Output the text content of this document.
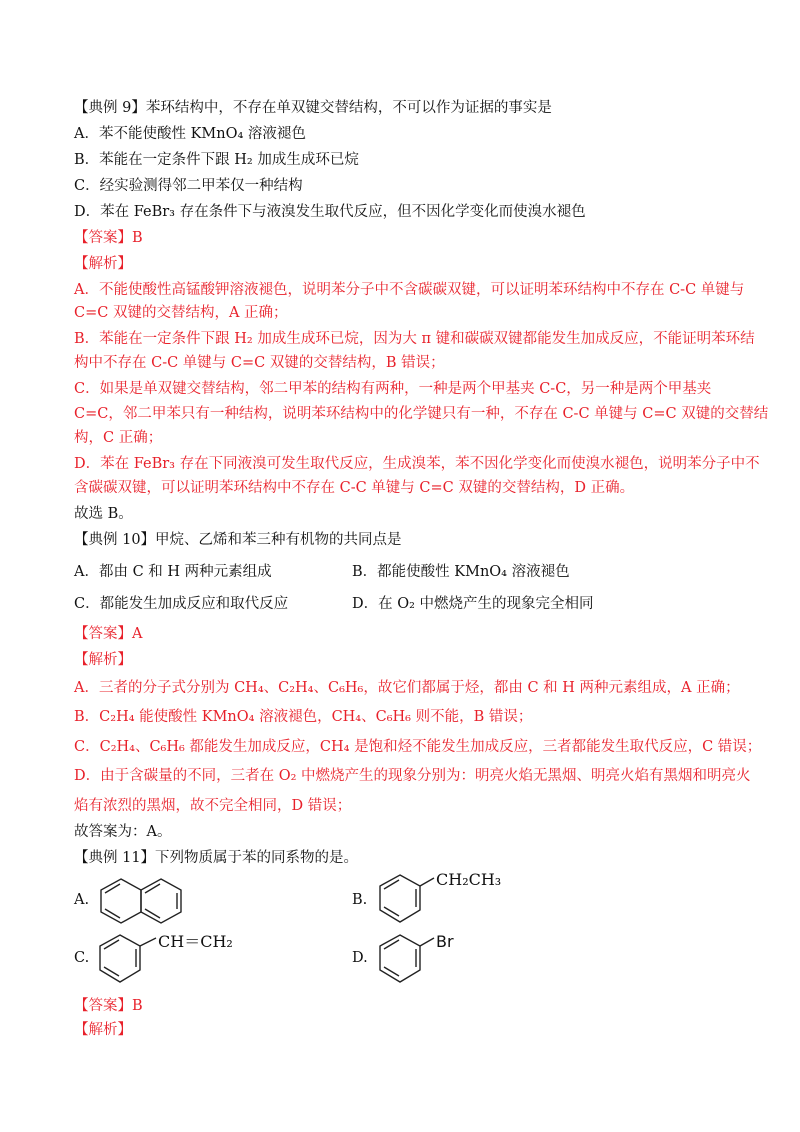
【典例 9】苯环结构中，不存在单双键交替结构，不可以作为证据的事实是
A．苯不能使酸性 KMnO₄ 溶液褪色
B．苯能在一定条件下跟 H₂ 加成生成环已烷
C．经实验测得邻二甲苯仅一种结构
D．苯在 FeBr₃ 存在条件下与液溴发生取代反应，但不因化学变化而使溴水褪色
【答案】B
【解析】
A．不能使酸性高锰酸钾溶液褪色，说明苯分子中不含碳碳双键，可以证明苯环结构中不存在 C-C 单键与
C=C 双键的交替结构，A 正确；
B．苯能在一定条件下跟 H₂ 加成生成环已烷，因为大 π 键和碳碳双键都能发生加成反应，不能证明苯环结
构中不存在 C-C 单键与 C=C 双键的交替结构，B 错误；
C．如果是单双键交替结构，邻二甲苯的结构有两种，一种是两个甲基夹 C-C，另一种是两个甲基夹
C=C，邻二甲苯只有一种结构，说明苯环结构中的化学键只有一种，不存在 C-C 单键与 C=C 双键的交替结
构，C 正确；
D．苯在 FeBr₃ 存在下同液溴可发生取代反应，生成溴苯，苯不因化学变化而使溴水褪色，说明苯分子中不
含碳碳双键，可以证明苯环结构中不存在 C-C 单键与 C=C 双键的交替结构，D 正确。
故选 B。
【典例 10】甲烷、乙烯和苯三种有机物的共同点是
A．都由 C 和 H 两种元素组成	B．都能使酸性 KMnO₄ 溶液褪色
C．都能发生加成反应和取代反应	D．在 O₂ 中燃烧产生的现象完全相同
【答案】A
【解析】
A．三者的分子式分别为 CH₄、C₂H₄、C₆H₆，故它们都属于烃，都由 C 和 H 两种元素组成，A 正确；
B．C₂H₄ 能使酸性 KMnO₄ 溶液褪色，CH₄、C₆H₆ 则不能，B 错误；
C．C₂H₄、C₆H₆ 都能发生加成反应，CH₄ 是饱和烃不能发生加成反应，三者都能发生取代反应，C 错误；
D．由于含碳量的不同，三者在 O₂ 中燃烧产生的现象分别为：明亮火焰无黑烟、明亮火焰有黑烟和明亮火
焰有浓烈的黑烟，故不完全相同，D 错误；
故答案为：A。
【典例 11】下列物质属于苯的同系物的是。
A.	B.
CH₂CH₃
C.
CH＝CH₂
D.
Br
【答案】B
【解析】
